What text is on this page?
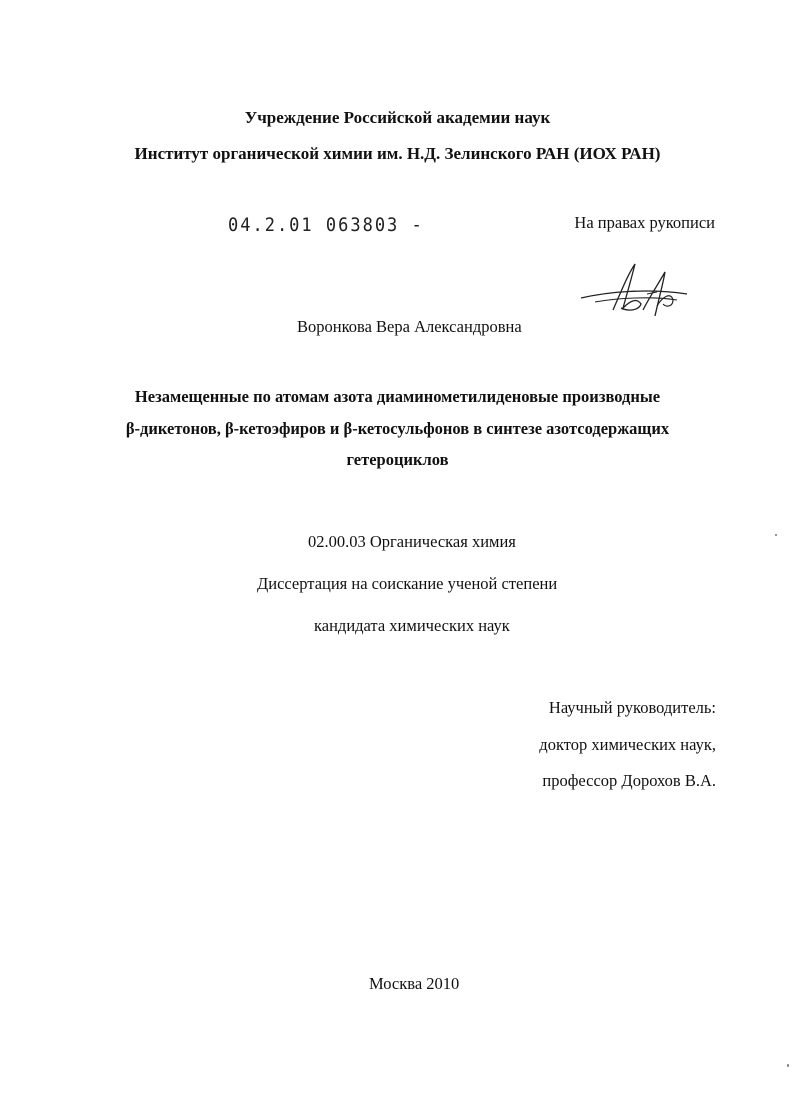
Учреждение Российской академии наук
Институт органической химии им. Н.Д. Зелинского РАН (ИОХ РАН)
04.2.01 063803 -	На правах рукописи
Воронкова Вера Александровна
Незамещенные по атомам азота диаминометилиденовые производные
β-дикетонов, β-кетоэфиров и β-кетосульфонов в синтезе азотсодержащих
гетероциклов
02.00.03 Органическая химия
Диссертация на соискание ученой степени
кандидата химических наук
Научный руководитель:
доктор химических наук,
профессор Дорохов В.А.
Москва 2010
